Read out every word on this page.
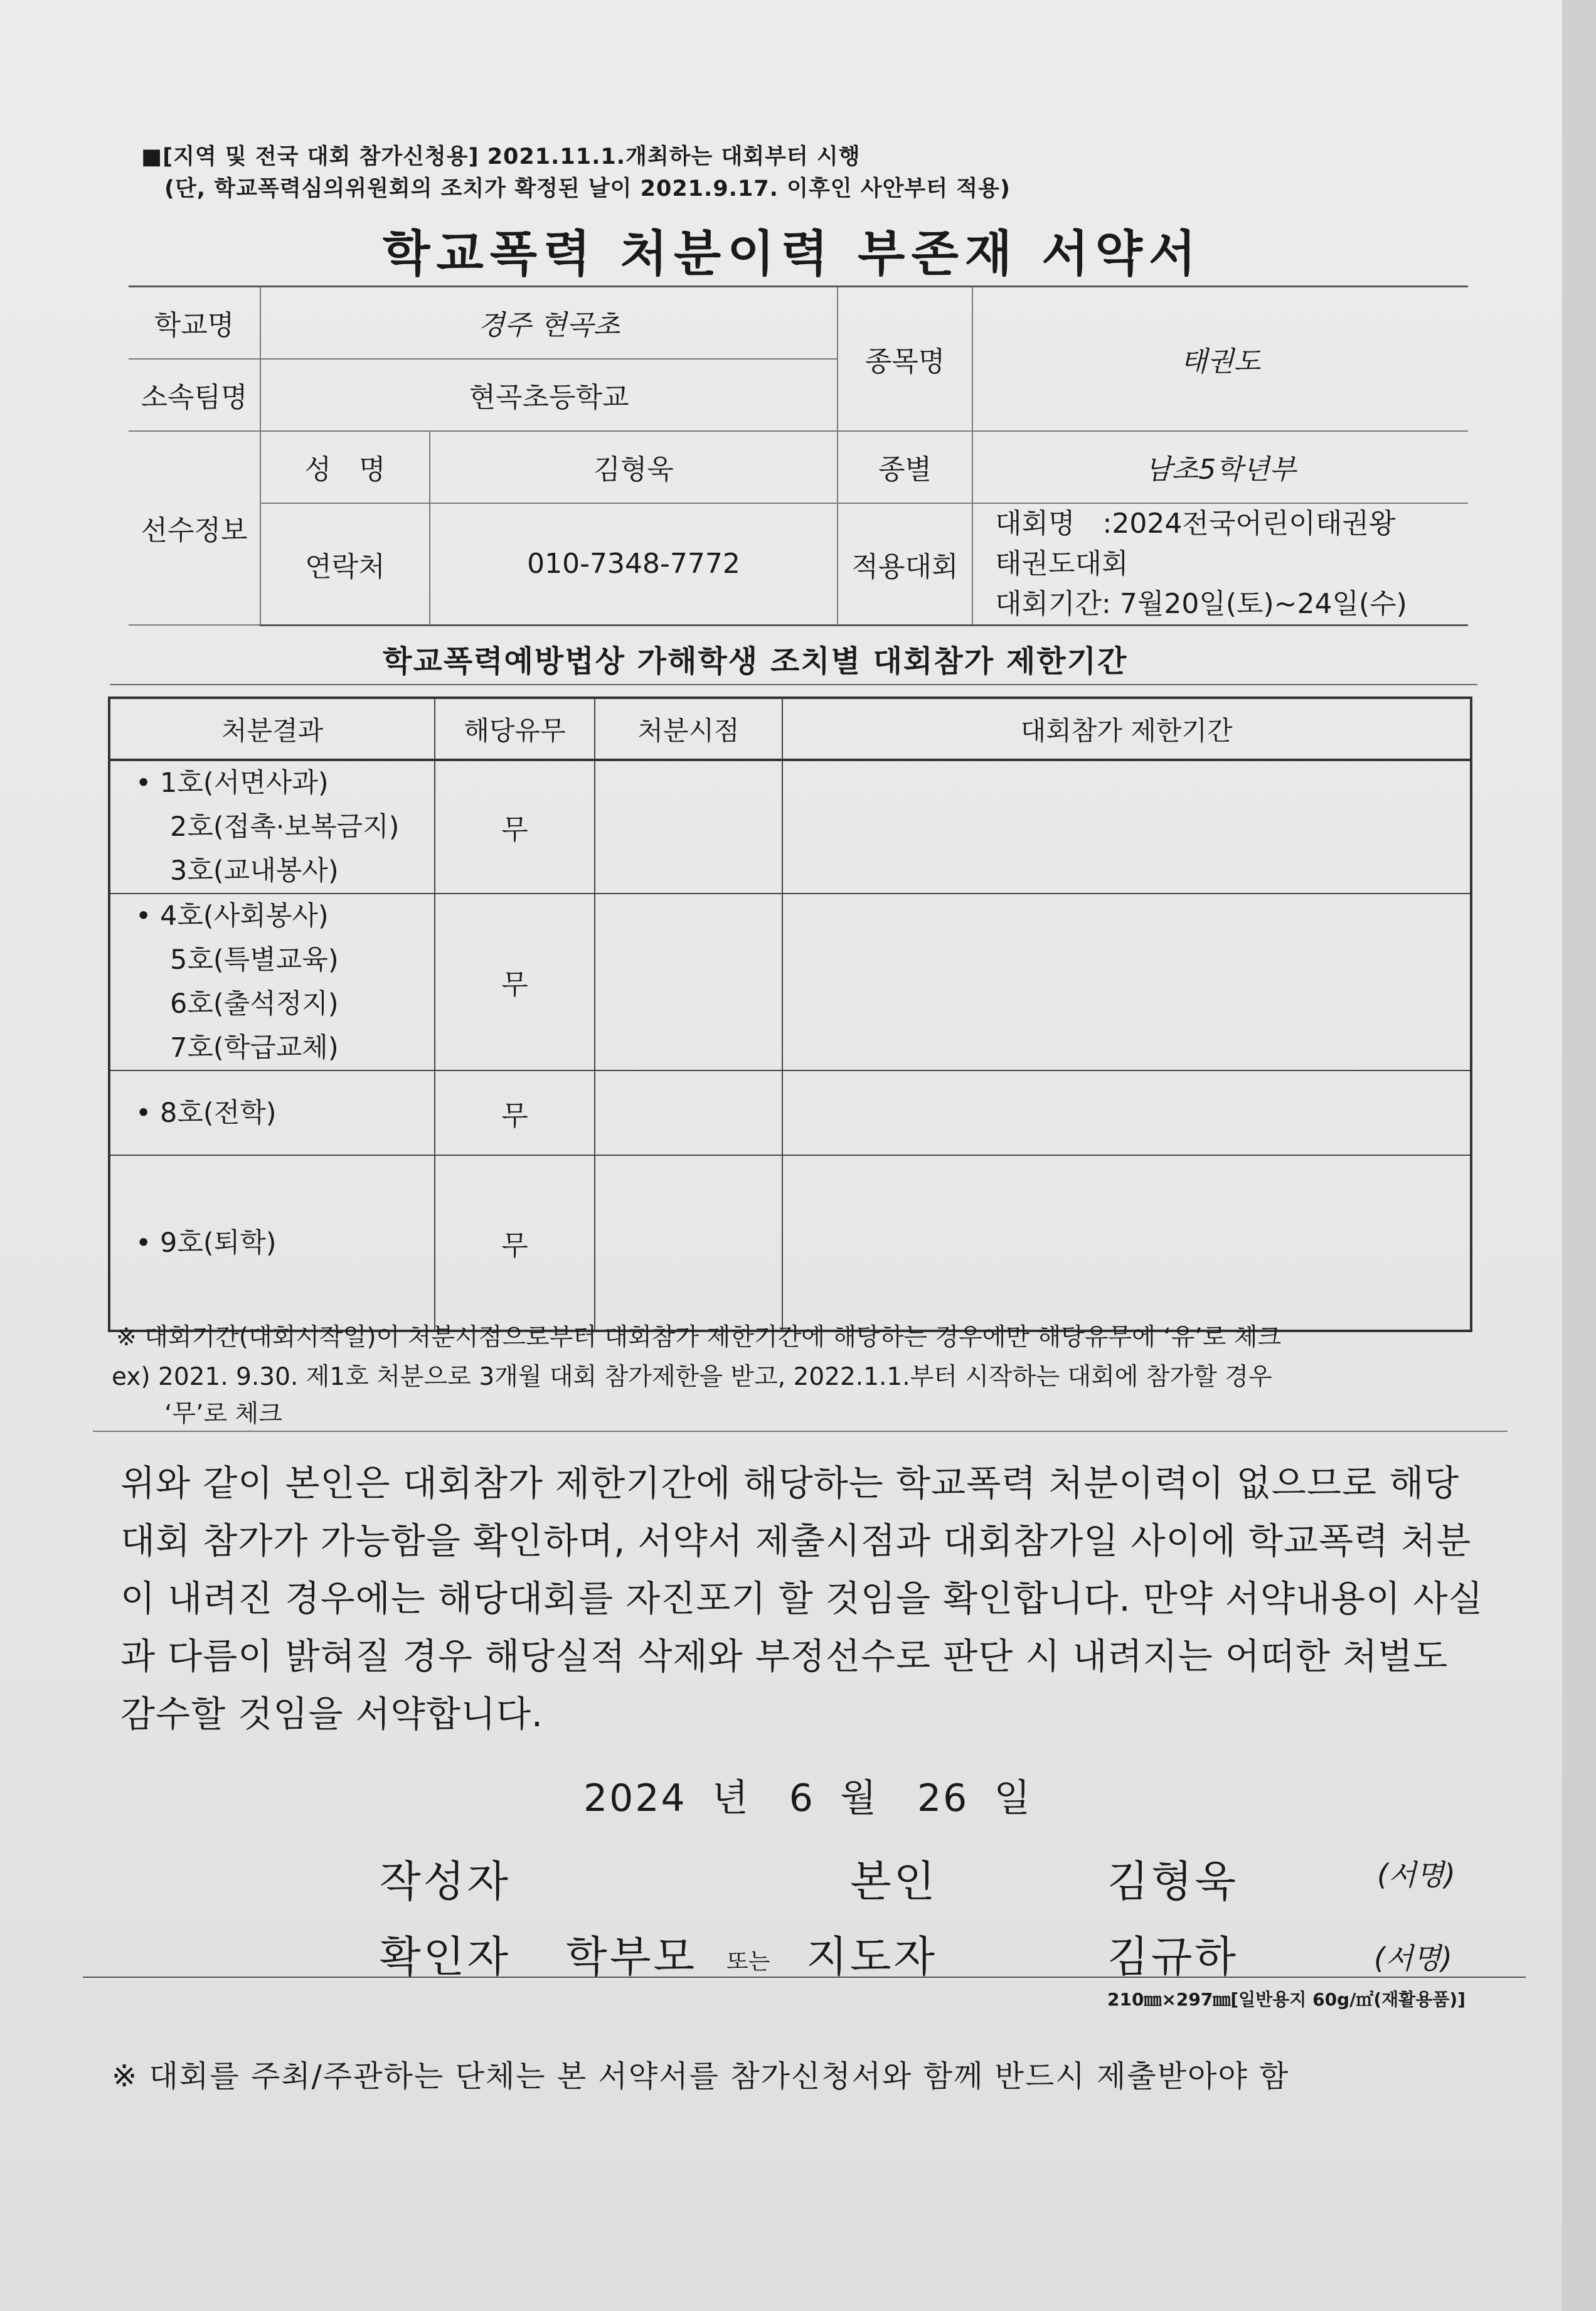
■[지역 및 전국 대회 참가신청용] 2021.11.1.개최하는 대회부터 시행
(단, 학교폭력심의위원회의 조치가 확정된 날이 2021.9.17. 이후인 사안부터 적용)
학교폭력 처분이력 부존재 서약서
학교명	경주 현곡초		종목명	태권도
소속팀명	현곡초등학교			
선수정보	성　명	김형욱	종별	남초5학년부
	연락처	010-7348-7772	적용대회	대회명　:2024전국어린이태권왕
태권도대회
대회기간: 7월20일(토)~24일(수)
학교폭력예방법상 가해학생 조치별 대회참가 제한기간
처분결과	해당유무	처분시점	대회참가 제한기간

• 1호(서면사과)
2호(접촉·보복금지)
3호(교내봉사)	무		

• 4호(사회봉사)
5호(특별교육)
6호(출석정지)
7호(학급교체)	무		

• 8호(전학)	무		

• 9호(퇴학)	무		
※ 대회기간(대회시작일)이 처분시점으로부터 대회참가 제한기간에 해당하는 경우에만 해당유무에 ‘유’로 체크
ex) 2021. 9.30. 제1호 처분으로 3개월 대회 참가제한을 받고, 2022.1.1.부터 시작하는 대회에 참가할 경우
‘무’로 체크
위와 같이 본인은 대회참가 제한기간에 해당하는 학교폭력 처분이력이 없으므로 해당 대회 참가가 가능함을 확인하며, 서약서 제출시점과 대회참가일 사이에 학교폭력 처분이 내려진 경우에는 해당대회를 자진포기 할 것임을 확인합니다. 만약 서약내용이 사실과 다름이 밝혀질 경우 해당실적 삭제와 부정선수로 판단 시 내려지는 어떠한 처벌도 감수할 것임을 서약합니다.
2024 년 6 월 26 일
작성자	본인	김형욱	(서명)
확인자 학부모 또는 지도자	김규하	(서명)
210㎜×297㎜[일반용지 60g/㎡(재활용품)]
※ 대회를 주최/주관하는 단체는 본 서약서를 참가신청서와 함께 반드시 제출받아야 함
